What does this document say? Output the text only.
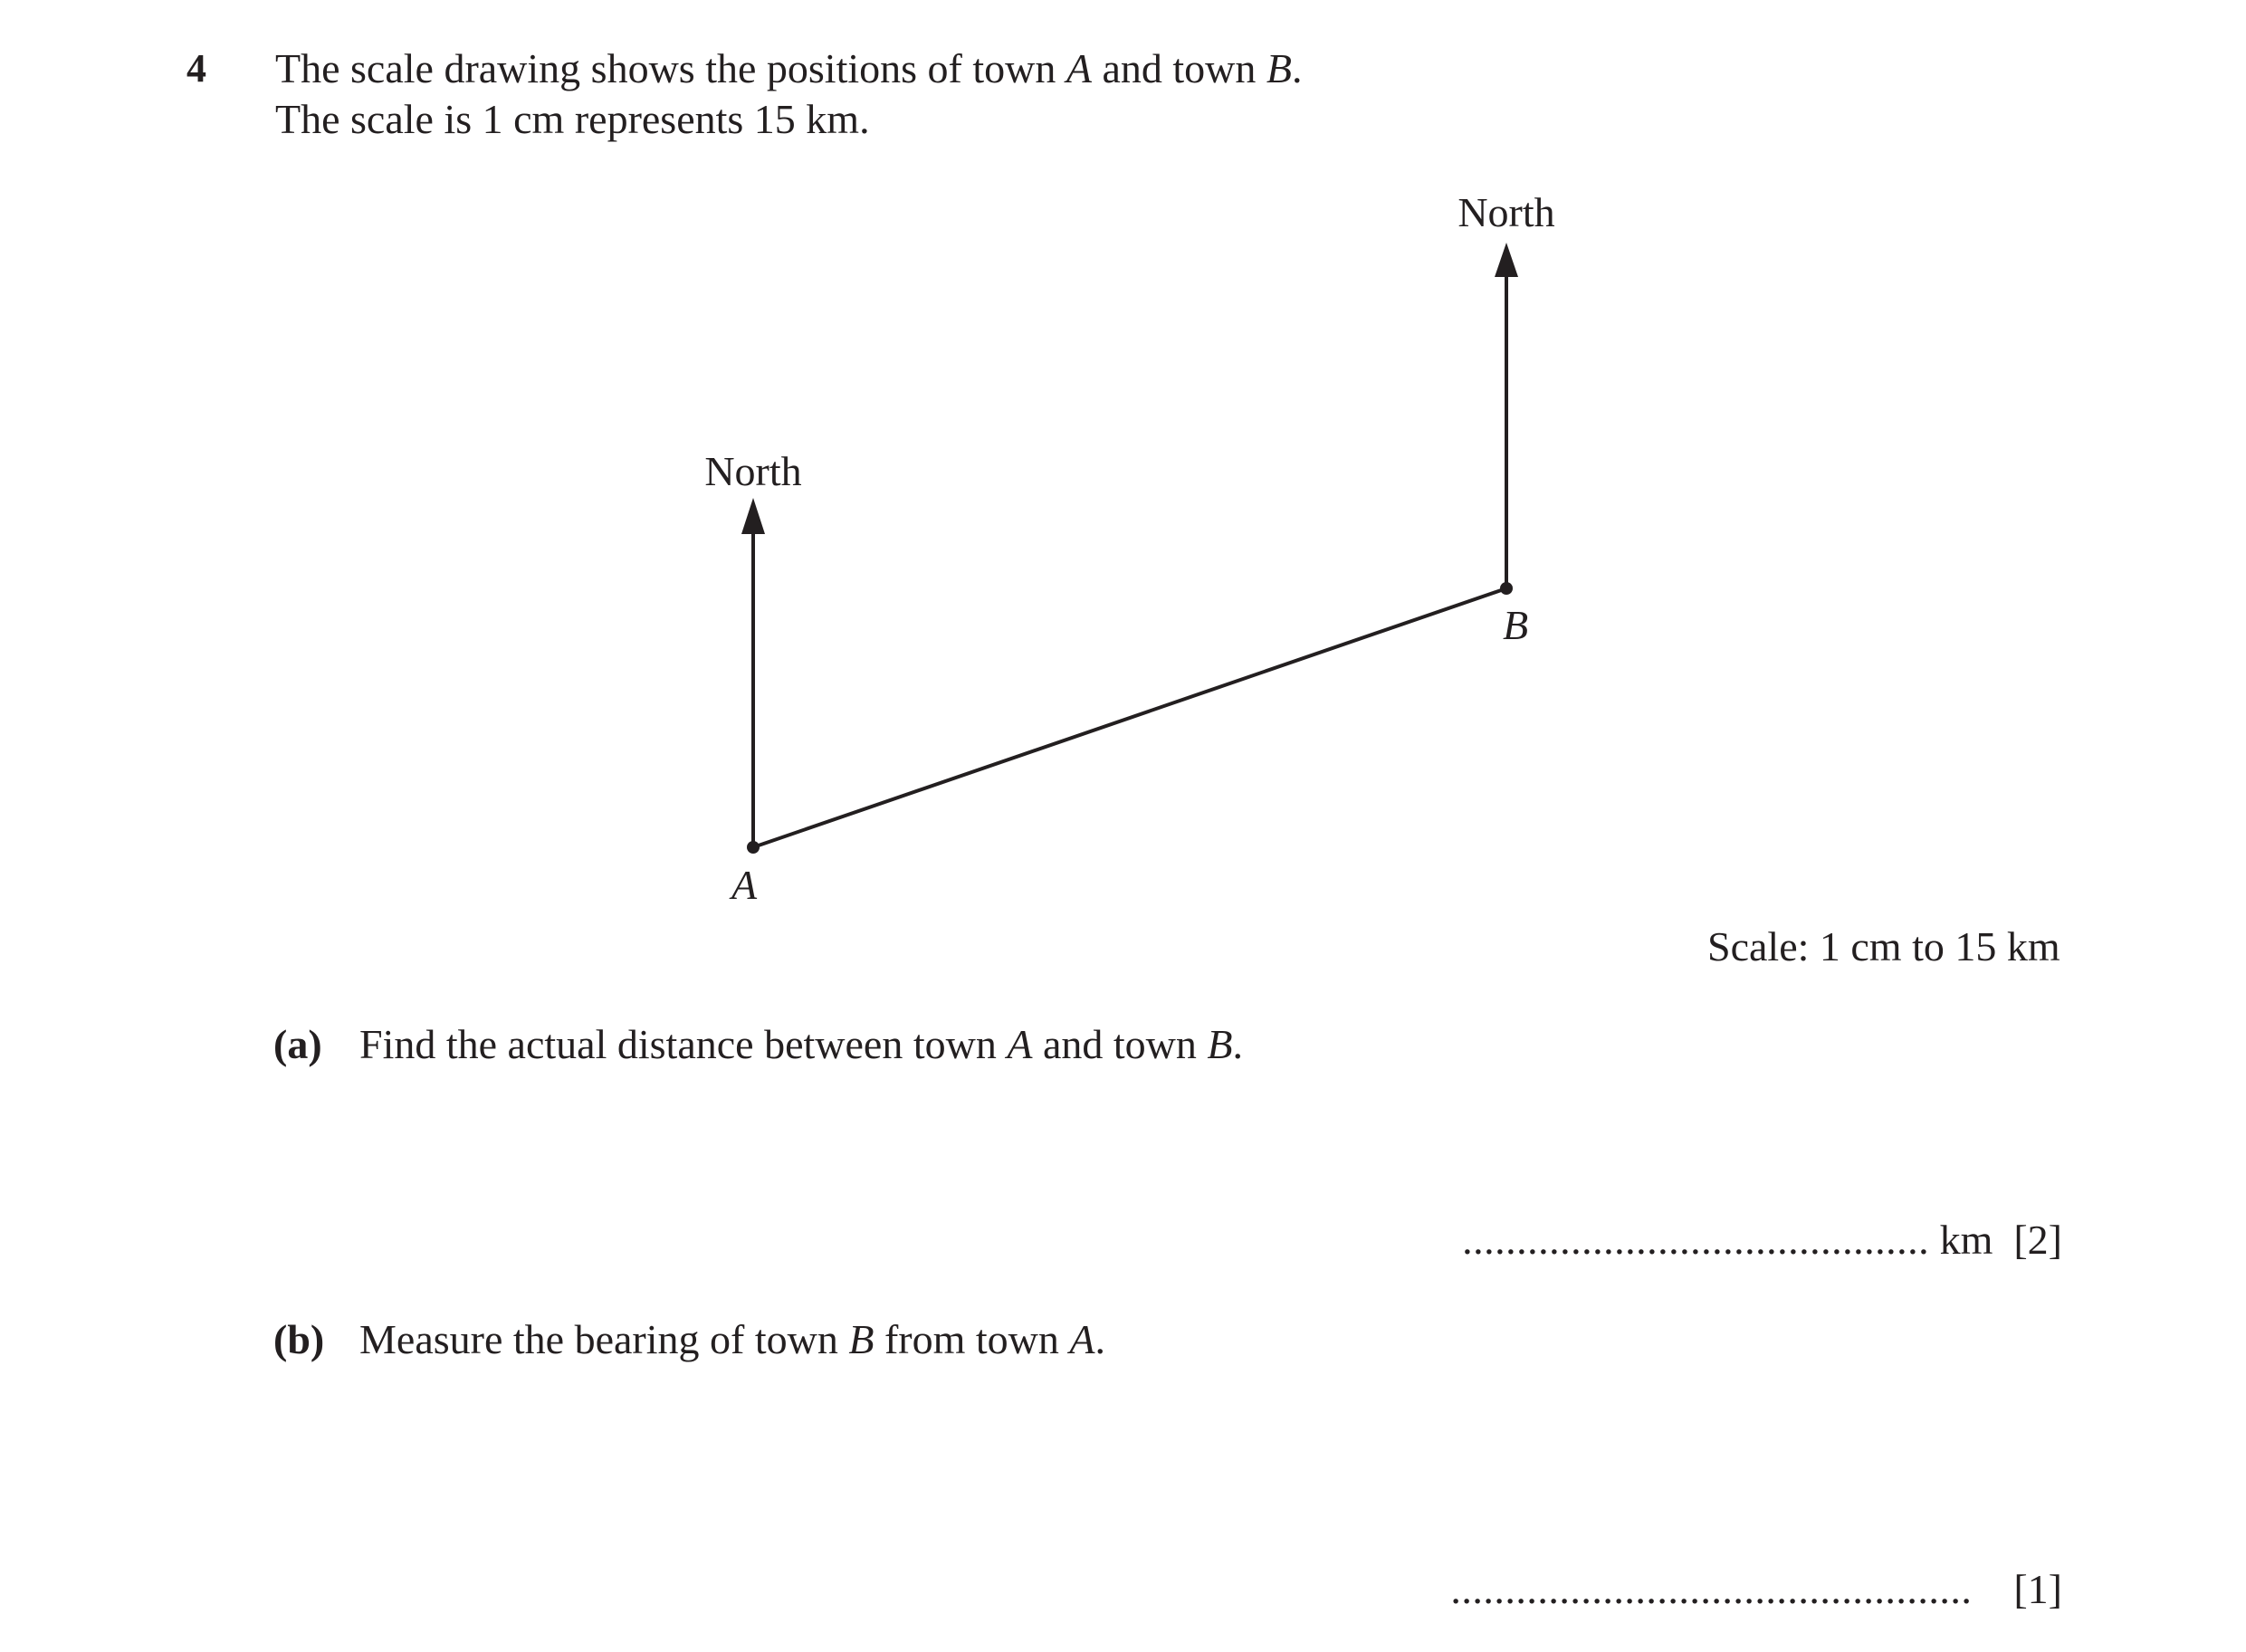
4 The scale drawing shows the positions of town A and town B.
The scale is 1 cm represents 15 km.
North
North
A
B
Scale: 1 cm to 15 km
(a) Find the actual distance between town A and town B.
........................................... km [2]
(b) Measure the bearing of town B from town A.
................................................ [1]
